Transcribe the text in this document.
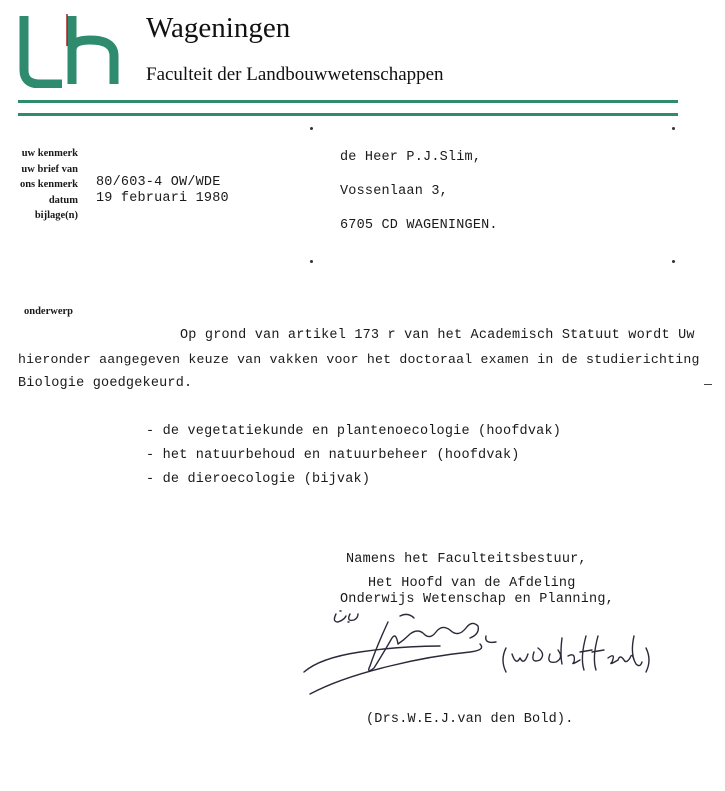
Wageningen
Faculteit der Landbouwwetenschappen
uw kenmerk
uw brief van
ons kenmerk
datum
bijlage(n)
80/603-4 OW/WDE
19 februari 1980
de Heer P.J.Slim,
Vossenlaan 3,
6705 CD WAGENINGEN.
onderwerp
Op grond van artikel 173 r van het Academisch Statuut wordt Uw
hieronder aangegeven keuze van vakken voor het doctoraal examen in de studierichting
Biologie goedgekeurd.
- de vegetatiekunde en plantenoecologie (hoofdvak)
- het natuurbehoud en natuurbeheer (hoofdvak)
- de dieroecologie (bijvak)
Namens het Faculteitsbestuur,
Het Hoofd van de Afdeling
Onderwijs Wetenschap en Planning,
(Drs.W.E.J.van den Bold).
